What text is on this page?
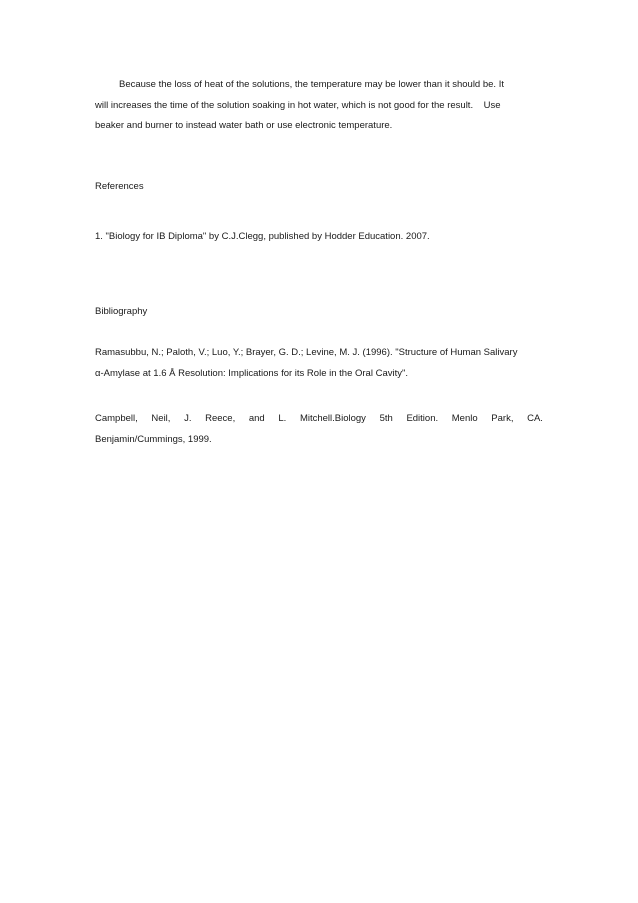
Because the loss of heat of the solutions, the temperature may be lower than it should be. It
will increases the time of the solution soaking in hot water, which is not good for the result.    Use
beaker and burner to instead water bath or use electronic temperature.
References
1. "Biology for IB Diploma" by C.J.Clegg, published by Hodder Education. 2007.
Bibliography
Ramasubbu, N.; Paloth, V.; Luo, Y.; Brayer, G. D.; Levine, M. J. (1996). "Structure of Human Salivary
α-Amylase at 1.6 Å Resolution: Implications for its Role in the Oral Cavity".
Campbell, Neil, J. Reece, and L. Mitchell.Biology 5th Edition. Menlo Park, CA.
Benjamin/Cummings, 1999.
